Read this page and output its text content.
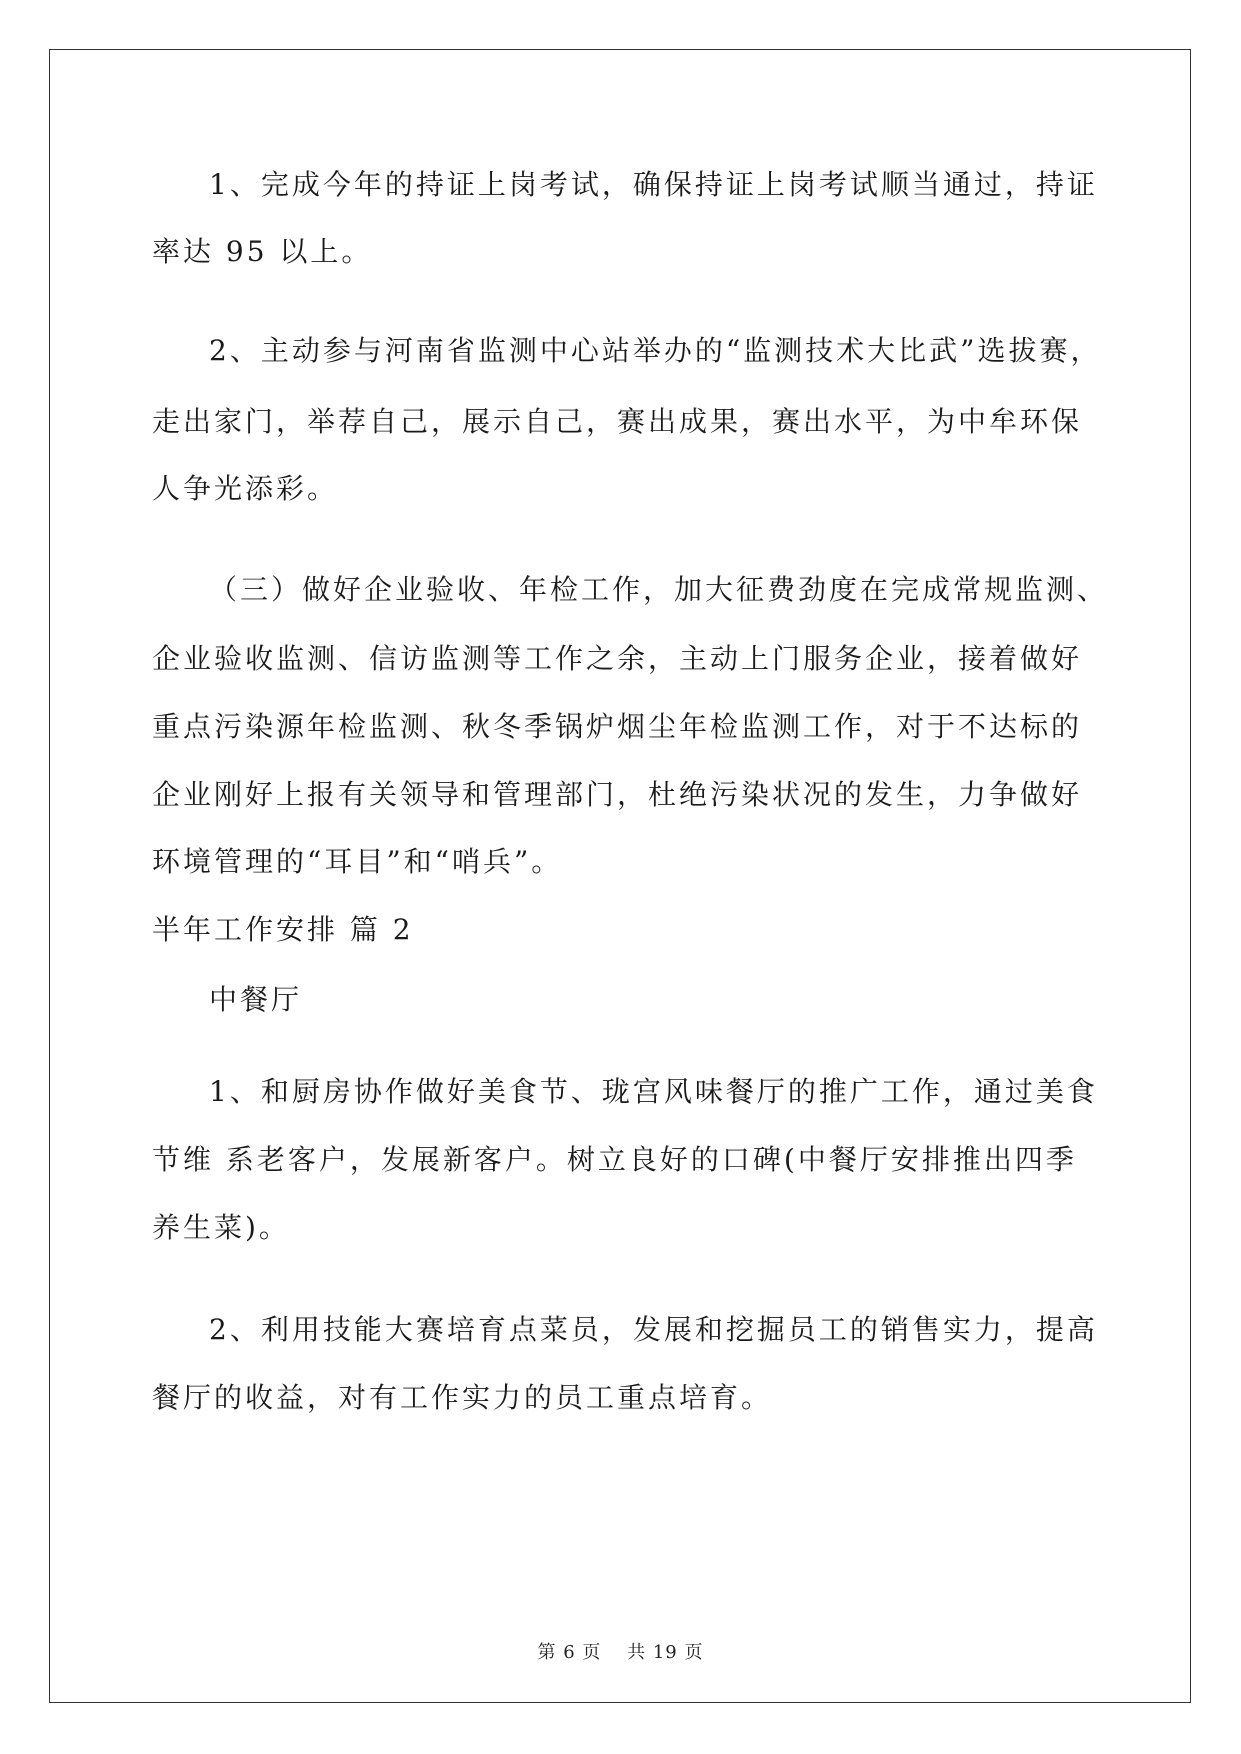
1、完成今年的持证上岗考试，确保持证上岗考试顺当通过，持证
率达 95 以上。
2、主动参与河南省监测中心站举办的“监测技术大比武”选拔赛，
走出家门，举荐自己，展示自己，赛出成果，赛出水平，为中牟环保
人争光添彩。
（三）做好企业验收、年检工作，加大征费劲度在完成常规监测、
企业验收监测、信访监测等工作之余，主动上门服务企业，接着做好
重点污染源年检监测、秋冬季锅炉烟尘年检监测工作，对于不达标的
企业刚好上报有关领导和管理部门，杜绝污染状况的发生，力争做好
环境管理的“耳目”和“哨兵”。
半年工作安排 篇 2
中餐厅
1、和厨房协作做好美食节、珑宫风味餐厅的推广工作，通过美食
节维 系老客户，发展新客户。树立良好的口碑(中餐厅安排推出四季
养生菜)。
2、利用技能大赛培育点菜员，发展和挖掘员工的销售实力，提高
餐厅的收益，对有工作实力的员工重点培育。
第 6 页　 共 19 页
